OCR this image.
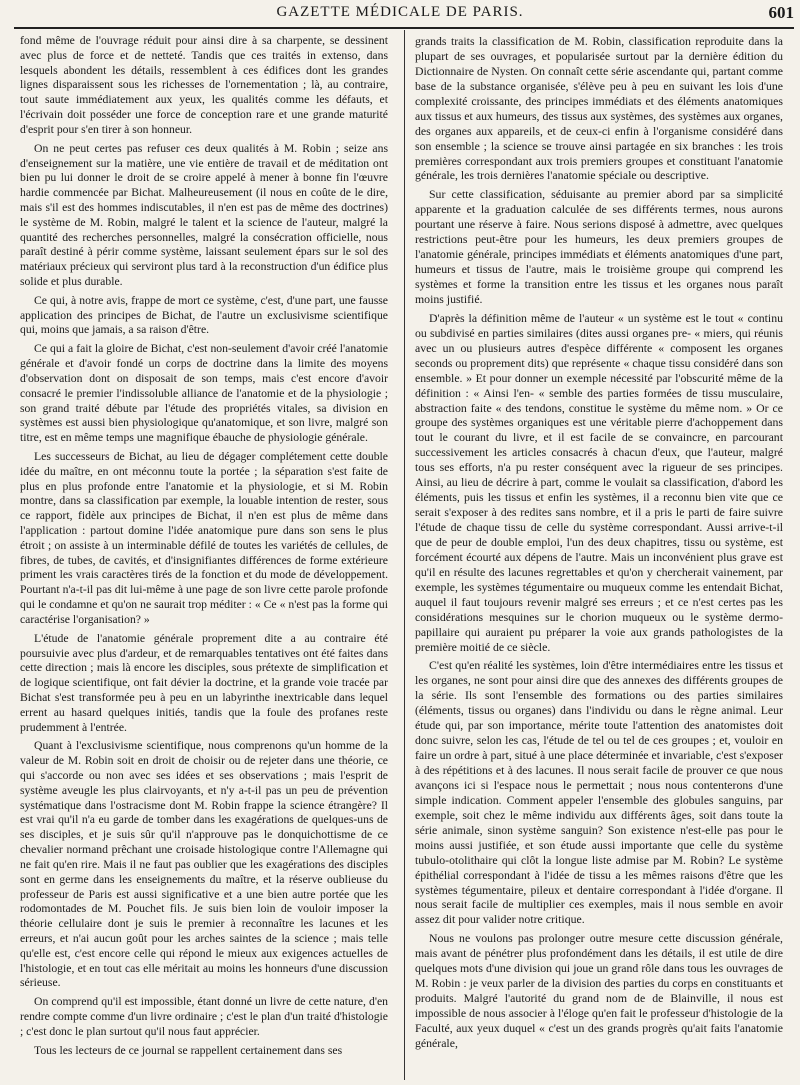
GAZETTE MÉDICALE DE PARIS.	601

fond même de l'ouvrage réduit pour ainsi dire à sa charpente, se dessinent avec plus de force et de netteté. Tandis que ces traités in extenso, dans lesquels abondent les détails, ressemblent à ces édifices dont les grandes lignes disparaissent sous les richesses de l'ornementation ; là, au contraire, tout saute immédiatement aux yeux, les qualités comme les défauts, et l'écrivain doit posséder une force de conception rare et une grande maturité d'esprit pour s'en tirer à son honneur.

On ne peut certes pas refuser ces deux qualités à M. Robin ; seize ans d'enseignement sur la matière, une vie entière de travail et de méditation ont bien pu lui donner le droit de se croire appelé à mener à bonne fin l'œuvre hardie commencée par Bichat. Malheureusement (il nous en coûte de le dire, mais s'il est des hommes indiscutables, il n'en est pas de même des doctrines) le système de M. Robin, malgré le talent et la science de l'auteur, malgré la quantité des recherches personnelles, malgré la consécration officielle, nous paraît destiné à périr comme système, laissant seulement épars sur le sol des matériaux précieux qui serviront plus tard à la reconstruction d'un édifice plus solide et plus durable.

Ce qui, à notre avis, frappe de mort ce système, c'est, d'une part, une fausse application des principes de Bichat, de l'autre un exclusivisme scientifique qui, moins que jamais, a sa raison d'être.

Ce qui a fait la gloire de Bichat, c'est non-seulement d'avoir créé l'anatomie générale et d'avoir fondé un corps de doctrine dans la limite des moyens d'observation dont on disposait de son temps, mais c'est encore d'avoir consacré le premier l'indissoluble alliance de l'anatomie et de la physiologie ; son grand traité débute par l'étude des propriétés vitales, sa division en systèmes est aussi bien physiologique qu'anatomique, et son livre, malgré son titre, est en même temps une magnifique ébauche de physiologie générale.

Les successeurs de Bichat, au lieu de dégager complétement cette double idée du maître, en ont méconnu toute la portée ; la séparation s'est faite de plus en plus profonde entre l'anatomie et la physiologie, et si M. Robin montre, dans sa classification par exemple, la louable intention de rester, sous ce rapport, fidèle aux principes de Bichat, il n'en est plus de même dans l'application : partout domine l'idée anatomique pure dans son sens le plus étroit ; on assiste à un interminable défilé de toutes les variétés de cellules, de fibres, de tubes, de cavités, et d'insignifiantes différences de forme extérieure priment les vrais caractères tirés de la fonction et du mode de développement. Pourtant n'a-t-il pas dit lui-même à une page de son livre cette parole profonde qui le condamne et qu'on ne saurait trop méditer : « Ce « n'est pas la forme qui caractérise l'organisation? »

L'étude de l'anatomie générale proprement dite a au contraire été poursuivie avec plus d'ardeur, et de remarquables tentatives ont été faites dans cette direction ; mais là encore les disciples, sous prétexte de simplification et de logique scientifique, ont fait dévier la doctrine, et la grande voie tracée par Bichat s'est transformée peu à peu en un labyrinthe inextricable dans lequel errent au hasard quelques initiés, tandis que la foule des profanes reste prudemment à l'entrée.

Quant à l'exclusivisme scientifique, nous comprenons qu'un homme de la valeur de M. Robin soit en droit de choisir ou de rejeter dans une théorie, ce qui s'accorde ou non avec ses idées et ses observations ; mais l'esprit de système aveugle les plus clairvoyants, et n'y a-t-il pas un peu de prévention systématique dans l'ostracisme dont M. Robin frappe la science étrangère? Il est vrai qu'il n'a eu garde de tomber dans les exagérations de quelques-uns de ses disciples, et je suis sûr qu'il n'approuve pas le donquichottisme de ce chevalier normand prêchant une croisade histologique contre l'Allemagne qui ne fait qu'en rire. Mais il ne faut pas oublier que les exagérations des disciples sont en germe dans les enseignements du maître, et la réserve oublieuse du professeur de Paris est aussi significative et a une bien autre portée que les rodomontades de M. Pouchet fils. Je suis bien loin de vouloir imposer la théorie cellulaire dont je suis le premier à reconnaître les lacunes et les erreurs, et n'ai aucun goût pour les arches saintes de la science ; mais telle qu'elle est, c'est encore celle qui répond le mieux aux exigences actuelles de l'histologie, et en tout cas elle méritait au moins les honneurs d'une discussion sérieuse.

On comprend qu'il est impossible, étant donné un livre de cette nature, d'en rendre compte comme d'un livre ordinaire ; c'est le plan d'un traité d'histologie ; c'est donc le plan surtout qu'il nous faut apprécier.

Tous les lecteurs de ce journal se rappellent certainement dans ses

grands traits la classification de M. Robin, classification reproduite dans la plupart de ses ouvrages, et popularisée surtout par la dernière édition du Dictionnaire de Nysten. On connaît cette série ascendante qui, partant comme base de la substance organisée, s'élève peu à peu en suivant les lois d'une complexité croissante, des principes immédiats et des éléments anatomiques aux tissus et aux humeurs, des tissus aux systèmes, des systèmes aux organes, des organes aux appareils, et de ceux-ci enfin à l'organisme considéré dans son ensemble ; la science se trouve ainsi partagée en six branches : les trois premières correspondant aux trois premiers groupes et constituant l'anatomie générale, les trois dernières l'anatomie spéciale ou descriptive.

Sur cette classification, séduisante au premier abord par sa simplicité apparente et la graduation calculée de ses différents termes, nous aurons pourtant une réserve à faire. Nous serions disposé à admettre, avec quelques restrictions peut-être pour les humeurs, les deux premiers groupes de l'anatomie générale, principes immédiats et éléments anatomiques d'une part, humeurs et tissus de l'autre, mais le troisième groupe qui comprend les systèmes et forme la transition entre les tissus et les organes nous paraît moins justifié.

D'après la définition même de l'auteur « un système est le tout « continu ou subdivisé en parties similaires (dites aussi organes pre- « miers, qui réunis avec un ou plusieurs autres d'espèce différente « composent les organes seconds ou proprement dits) que représente « chaque tissu considéré dans son ensemble. » Et pour donner un exemple nécessité par l'obscurité même de la définition : « Ainsi l'en- « semble des parties formées de tissu musculaire, abstraction faite « des tendons, constitue le système du même nom. » Or ce groupe des systèmes organiques est une véritable pierre d'achoppement dans tout le courant du livre, et il est facile de se convaincre, en parcourant successivement les articles consacrés à chacun d'eux, que l'auteur, malgré tous ses efforts, n'a pu rester conséquent avec la rigueur de ses principes. Ainsi, au lieu de décrire à part, comme le voulait sa classification, d'abord les éléments, puis les tissus et enfin les systèmes, il a reconnu bien vite que ce serait s'exposer à des redites sans nombre, et il a pris le parti de faire suivre l'étude de chaque tissu de celle du système correspondant. Aussi arrive-t-il que de peur de double emploi, l'un des deux chapitres, tissu ou système, est forcément écourté aux dépens de l'autre. Mais un inconvénient plus grave est qu'il en résulte des lacunes regrettables et qu'on y chercherait vainement, par exemple, les systèmes tégumentaire ou muqueux comme les entendait Bichat, auquel il faut toujours revenir malgré ses erreurs ; et ce n'est certes pas les considérations mesquines sur le chorion muqueux ou le système dermo-papillaire qui auraient pu préparer la voie aux grands pathologistes de la première moitié de ce siècle.

C'est qu'en réalité les systèmes, loin d'être intermédiaires entre les tissus et les organes, ne sont pour ainsi dire que des annexes des différents groupes de la série. Ils sont l'ensemble des formations ou des parties similaires (éléments, tissus ou organes) dans l'individu ou dans le règne animal. Leur étude qui, par son importance, mérite toute l'attention des anatomistes doit donc suivre, selon les cas, l'étude de tel ou tel de ces groupes ; et, vouloir en faire un ordre à part, situé à une place déterminée et invariable, c'est s'exposer à des répétitions et à des lacunes. Il nous serait facile de prouver ce que nous avançons ici si l'espace nous le permettait ; nous nous contenterons d'une simple indication. Comment appeler l'ensemble des globules sanguins, par exemple, soit chez le même individu aux différents âges, soit dans toute la série animale, sinon système sanguin? Son existence n'est-elle pas pour le moins aussi justifiée, et son étude aussi importante que celle du système tubulo-otolithaire qui clôt la longue liste admise par M. Robin? Le système épithélial correspondant à l'idée de tissu a les mêmes raisons d'être que les systèmes tégumentaire, pileux et dentaire correspondant à l'idée d'organe. Il nous serait facile de multiplier ces exemples, mais il nous semble en avoir assez dit pour valider notre critique.

Nous ne voulons pas prolonger outre mesure cette discussion générale, mais avant de pénétrer plus profondément dans les détails, il est utile de dire quelques mots d'une division qui joue un grand rôle dans tous les ouvrages de M. Robin : je veux parler de la division des parties du corps en constituants et produits. Malgré l'autorité du grand nom de de Blainville, il nous est impossible de nous associer à l'éloge qu'en fait le professeur d'histologie de la Faculté, aux yeux duquel « c'est un des grands progrès qu'ait faits l'anatomie générale,
